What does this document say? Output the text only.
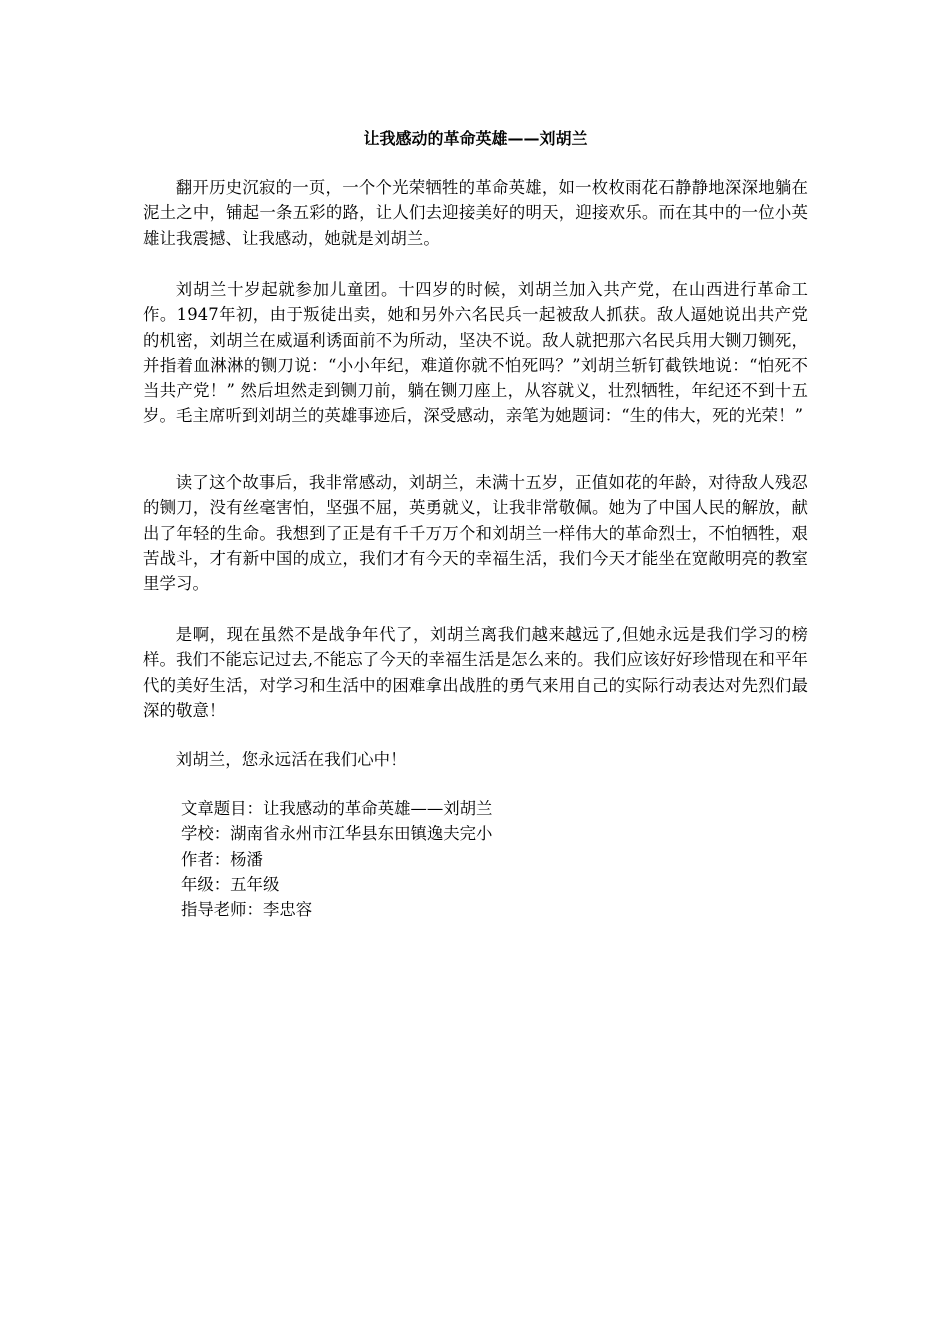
让我感动的革命英雄——刘胡兰

翻开历史沉寂的一页，一个个光荣牺牲的革命英雄，如一枚枚雨花石静静地深深地躺在泥土之中，铺起一条五彩的路，让人们去迎接美好的明天，迎接欢乐。而在其中的一位小英雄让我震撼、让我感动，她就是刘胡兰。

刘胡兰十岁起就参加儿童团。十四岁的时候，刘胡兰加入共产党，在山西进行革命工作。1947年初，由于叛徒出卖，她和另外六名民兵一起被敌人抓获。敌人逼她说出共产党的机密，刘胡兰在威逼利诱面前不为所动，坚决不说。敌人就把那六名民兵用大铡刀铡死，并指着血淋淋的铡刀说：“小小年纪，难道你就不怕死吗？”刘胡兰斩钉截铁地说：“怕死不当共产党！” 然后坦然走到铡刀前，躺在铡刀座上，从容就义，壮烈牺牲，年纪还不到十五岁。毛主席听到刘胡兰的英雄事迹后，深受感动，亲笔为她题词：“生的伟大，死的光荣！”

读了这个故事后，我非常感动，刘胡兰，未满十五岁，正值如花的年龄，对待敌人残忍的铡刀，没有丝毫害怕，坚强不屈，英勇就义，让我非常敬佩。她为了中国人民的解放，献出了年轻的生命。我想到了正是有千千万万个和刘胡兰一样伟大的革命烈士，不怕牺牲，艰苦战斗，才有新中国的成立，我们才有今天的幸福生活，我们今天才能坐在宽敞明亮的教室里学习。

是啊，现在虽然不是战争年代了，刘胡兰离我们越来越远了,但她永远是我们学习的榜样。我们不能忘记过去,不能忘了今天的幸福生活是怎么来的。我们应该好好珍惜现在和平年代的美好生活，对学习和生活中的困难拿出战胜的勇气来用自己的实际行动表达对先烈们最深的敬意！

刘胡兰，您永远活在我们心中！

文章题目：让我感动的革命英雄——刘胡兰
学校：湖南省永州市江华县东田镇逸夫完小
作者：杨潘
年级：五年级
指导老师：李忠容
